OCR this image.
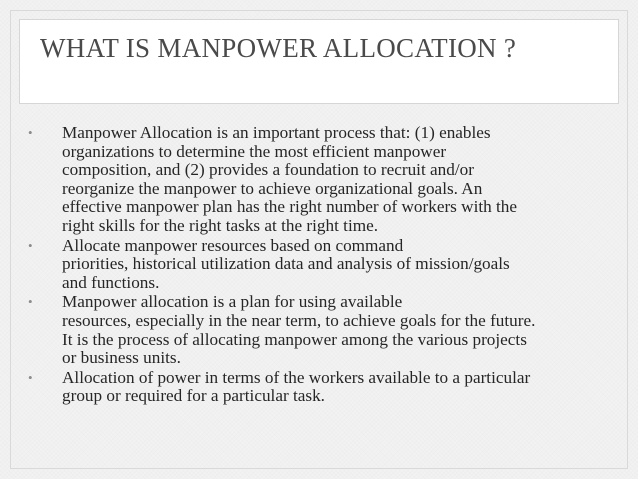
WHAT IS MANPOWER ALLOCATION ?
•	Manpower Allocation is an important process that: (1) enables
organizations to determine the most efficient manpower
composition, and (2) provides a foundation to recruit and/or
reorganize the manpower to achieve organizational goals. An
effective manpower plan has the right number of workers with the
right skills for the right tasks at the right time.
•	Allocate manpower resources based on command
priorities, historical utilization data and analysis of mission/goals
and functions.
•	Manpower allocation is a plan for using available
resources, especially in the near term, to achieve goals for the future.
It is the process of allocating manpower among the various projects
or business units.
•	Allocation of power in terms of the workers available to a particular
group or required for a particular task.
